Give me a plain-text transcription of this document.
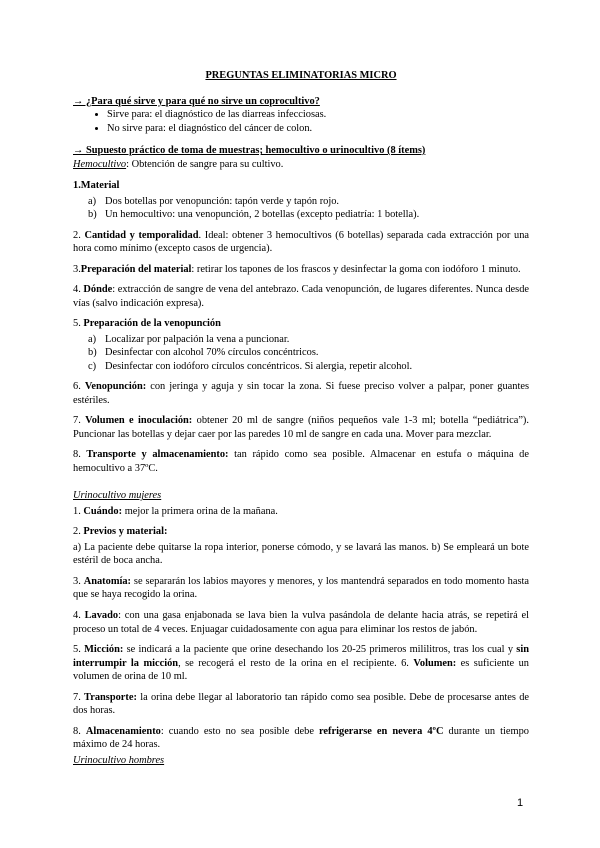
PREGUNTAS ELIMINATORIAS MICRO
→ ¿Para qué sirve y para qué no sirve un coprocultivo?
• Sirve para: el diagnóstico de las diarreas infecciosas.
• No sirve para: el diagnóstico del cáncer de colon.
→ Supuesto práctico de toma de muestras; hemocultivo o urinocultivo (8 ítems)

Hemocultivo: Obtención de sangre para su cultivo.

1.Material

a. a) Dos botellas por venopunción: tapón verde y tapón rojo.
b. b) Un hemocultivo: una venopunción, 2 botellas (excepto pediatría: 1 botella).

2. Cantidad y temporalidad. Ideal: obtener 3 hemocultivos (6 botellas) separada cada extracción por una hora como mínimo (excepto casos de urgencia).

3.Preparación del material: retirar los tapones de los frascos y desinfectar la goma con iodóforo 1 minuto.

4. Dónde: extracción de sangre de vena del antebrazo. Cada venopunción, de lugares diferentes. Nunca desde vías (salvo indicación expresa).

5. Preparación de la venopunción

a. a) Localizar por palpación la vena a puncionar.
b. b) Desinfectar con alcohol 70% círculos concéntricos.
c. c) Desinfectar con iodóforo círculos concéntricos. Si alergia, repetir alcohol.

6. Venopunción: con jeringa y aguja y sin tocar la zona. Si fuese preciso volver a palpar, poner guantes estériles.

7. Volumen e inoculación: obtener 20 ml de sangre (niños pequeños vale 1-3 ml; botella “pediátrica”). Puncionar las botellas y dejar caer por las paredes 10 ml de sangre en cada una. Mover para mezclar.

8. Transporte y almacenamiento: tan rápido como sea posible. Almacenar en estufa o máquina de hemocultivo a 37ºC.

Urinocultivo mujeres

1. Cuándo: mejor la primera orina de la mañana.

2. Previos y material:

a) La paciente debe quitarse la ropa interior, ponerse cómodo, y se lavará las manos. b) Se empleará un bote estéril de boca ancha.

3. Anatomía: se separarán los labios mayores y menores, y los mantendrá separados en todo momento hasta que se haya recogido la orina.

4. Lavado: con una gasa enjabonada se lava bien la vulva pasándola de delante hacia atrás, se repetirá el proceso un total de 4 veces. Enjuagar cuidadosamente con agua para eliminar los restos de jabón.

5. Micción: se indicará a la paciente que orine desechando los 20-25 primeros mililitros, tras los cual y sin interrumpir la micción, se recogerá el resto de la orina en el recipiente. 6. Volumen: es suficiente un volumen de orina de 10 ml.

7. Transporte: la orina debe llegar al laboratorio tan rápido como sea posible. Debe de procesarse antes de dos horas.

8. Almacenamiento: cuando esto no sea posible debe refrigerarse en nevera 4ºC durante un tiempo máximo de 24 horas.

Urinocultivo hombres

1
